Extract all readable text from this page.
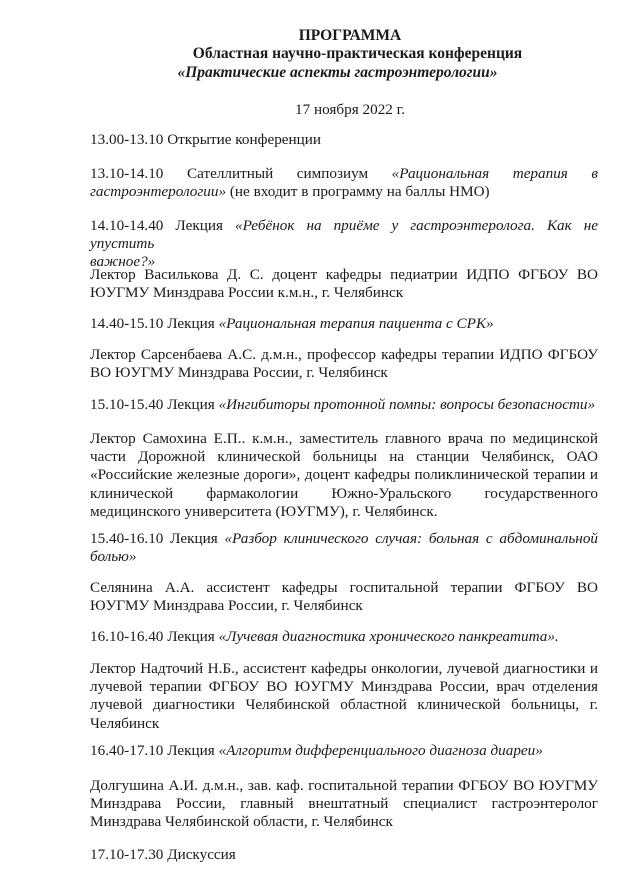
ПРОГРАММА
Областная научно-практическая конференция
«Практические аспекты гастроэнтерологии»
17 ноября 2022 г.
13.00-13.10 Открытие конференции
13.10-14.10 Сателлитный симпозиум «Рациональная терапия в
гастроэнтерологии» (не входит в программу на баллы НМО)
14.10-14.40 Лекция «Ребёнок на приёме у гастроэнтеролога. Как не упустить
важное?»
Лектор Василькова Д. С. доцент кафедры педиатрии ИДПО ФГБОУ ВО ЮУГМУ Минздрава России к.м.н., г. Челябинск
14.40-15.10 Лекция «Рациональная терапия пациента с СРК»
Лектор Сарсенбаева А.С. д.м.н., профессор кафедры терапии ИДПО ФГБОУ ВО ЮУГМУ Минздрава России, г. Челябинск
15.10-15.40 Лекция «Ингибиторы протонной помпы: вопросы безопасности»
Лектор Самохина Е.П.. к.м.н., заместитель главного врача по медицинской части Дорожной клинической больницы на станции Челябинск, ОАО «Российские железные дороги», доцент кафедры поликлинической терапии и клинической фармакологии Южно-Уральского государственного медицинского университета (ЮУГМУ), г. Челябинск.
15.40-16.10 Лекция «Разбор клинического случая: больная с абдоминальной болью»
Селянина А.А. ассистент кафедры госпитальной терапии ФГБОУ ВО ЮУГМУ Минздрава России, г. Челябинск
16.10-16.40 Лекция «Лучевая диагностика хронического панкреатита».
Лектор Надточий Н.Б., ассистент кафедры онкологии, лучевой диагностики и лучевой терапии ФГБОУ ВО ЮУГМУ Минздрава России, врач отделения лучевой диагностики Челябинской областной клинической больницы, г. Челябинск
16.40-17.10 Лекция «Алгоритм дифференциального диагноза диареи»
Долгушина А.И. д.м.н., зав. каф. госпитальной терапии ФГБОУ ВО ЮУГМУ Минздрава России, главный внештатный специалист гастроэнтеролог Минздрава Челябинской области, г. Челябинск
17.10-17.30 Дискуссия
